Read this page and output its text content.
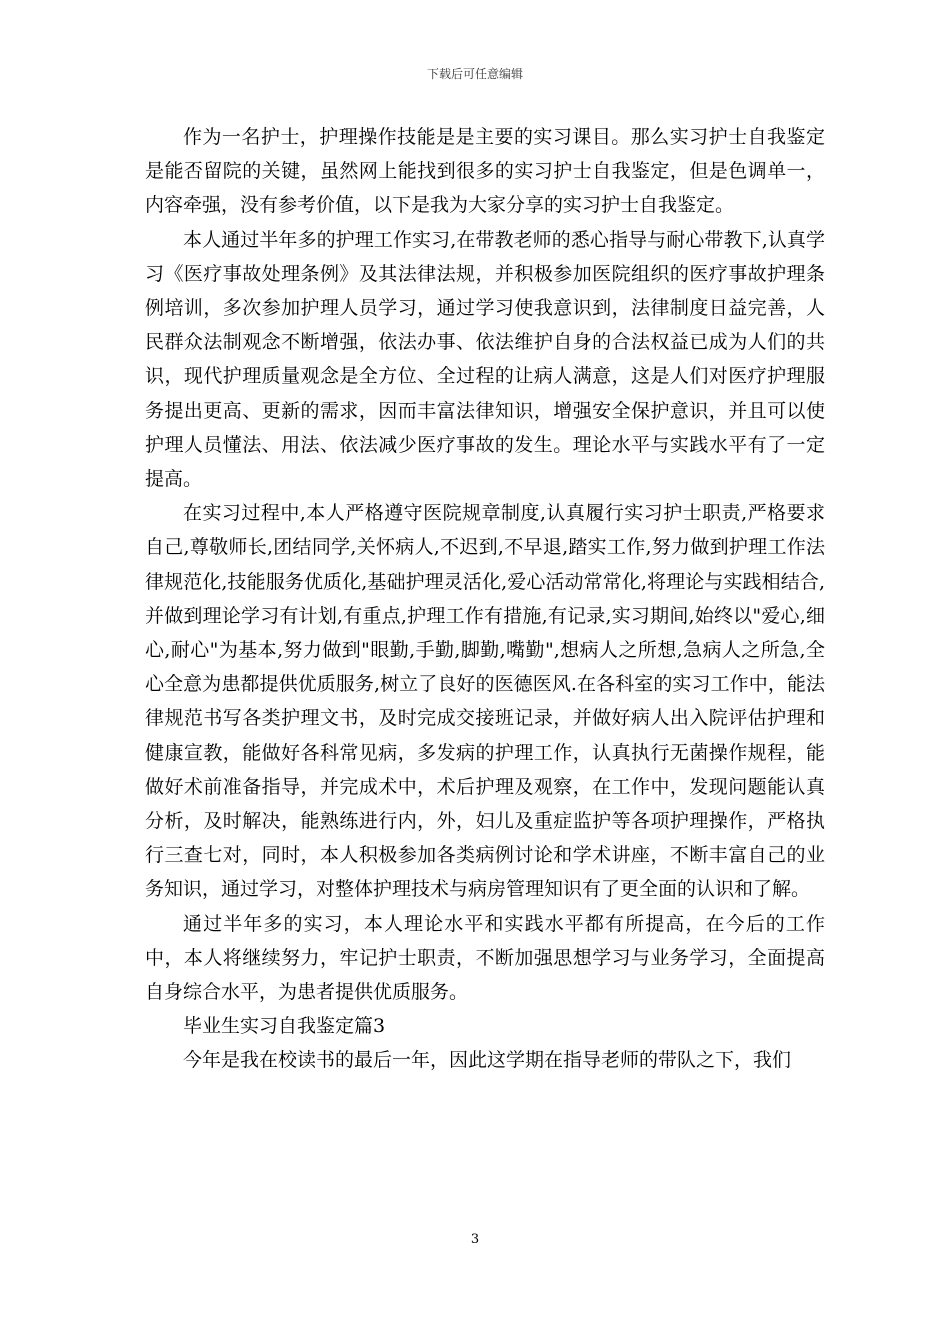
下载后可任意编辑

作为一名护士，护理操作技能是是主要的实习课目。那么实习护士自我鉴定是能否留院的关键，虽然网上能找到很多的实习护士自我鉴定，但是色调单一，内容牵强，没有参考价值，以下是我为大家分享的实习护士自我鉴定。

本人通过半年多的护理工作实习,在带教老师的悉心指导与耐心带教下,认真学习《医疗事故处理条例》及其法律法规，并积极参加医院组织的医疗事故护理条例培训，多次参加护理人员学习，通过学习使我意识到，法律制度日益完善，人民群众法制观念不断增强，依法办事、依法维护自身的合法权益已成为人们的共识，现代护理质量观念是全方位、全过程的让病人满意，这是人们对医疗护理服务提出更高、更新的需求，因而丰富法律知识，增强安全保护意识，并且可以使护理人员懂法、用法、依法减少医疗事故的发生。理论水平与实践水平有了一定提高。

在实习过程中,本人严格遵守医院规章制度,认真履行实习护士职责,严格要求自己,尊敬师长,团结同学,关怀病人,不迟到,不早退,踏实工作,努力做到护理工作法律规范化,技能服务优质化,基础护理灵活化,爱心活动常常化,将理论与实践相结合,并做到理论学习有计划,有重点,护理工作有措施,有记录,实习期间,始终以"爱心,细心,耐心"为基本,努力做到"眼勤,手勤,脚勤,嘴勤",想病人之所想,急病人之所急,全心全意为患都提供优质服务,树立了良好的医德医风.在各科室的实习工作中，能法律规范书写各类护理文书，及时完成交接班记录，并做好病人出入院评估护理和健康宣教，能做好各科常见病，多发病的护理工作，认真执行无菌操作规程，能做好术前准备指导，并完成术中，术后护理及观察，在工作中，发现问题能认真分析，及时解决，能熟练进行内，外，妇儿及重症监护等各项护理操作，严格执行三查七对，同时，本人积极参加各类病例讨论和学术讲座，不断丰富自己的业务知识，通过学习，对整体护理技术与病房管理知识有了更全面的认识和了解。

通过半年多的实习，本人理论水平和实践水平都有所提高，在今后的工作中，本人将继续努力，牢记护士职责，不断加强思想学习与业务学习，全面提高自身综合水平，为患者提供优质服务。

毕业生实习自我鉴定篇3

今年是我在校读书的最后一年，因此这学期在指导老师的带队之下，我们

3
